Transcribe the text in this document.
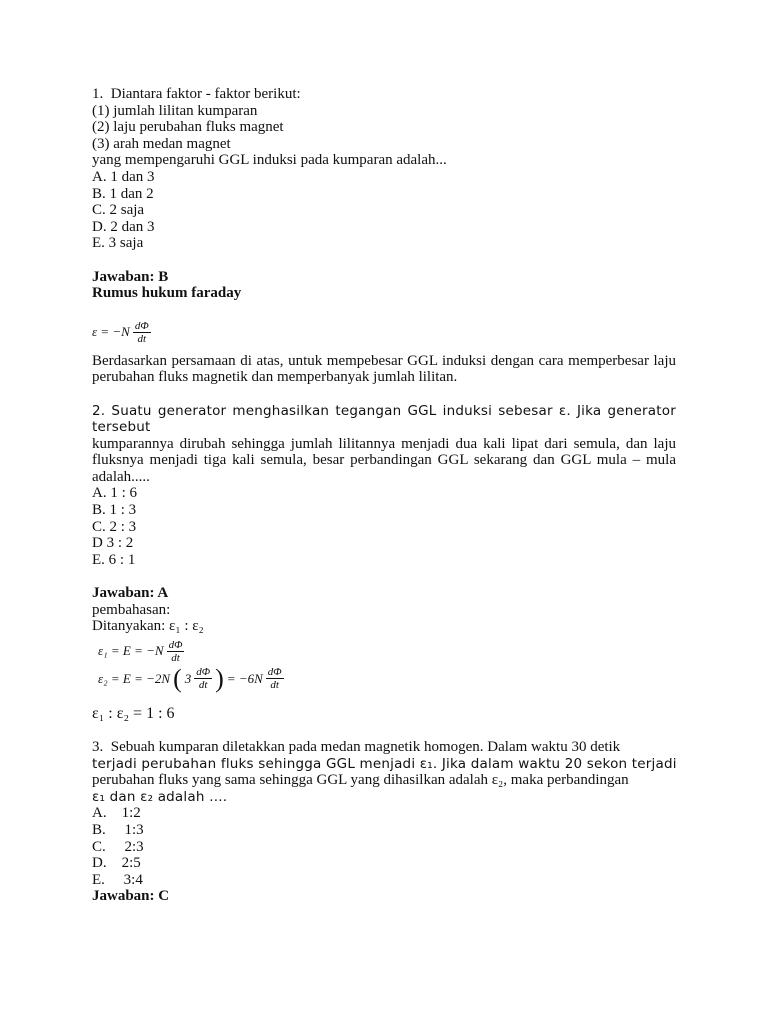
1.  Diantara faktor - faktor berikut:
(1) jumlah lilitan kumparan
(2) laju perubahan fluks magnet
(3) arah medan magnet
yang mempengaruhi GGL induksi pada kumparan adalah...
A. 1 dan 3
B. 1 dan 2
C. 2 saja
D. 2 dan 3
E. 3 saja
Jawaban: B
Rumus hukum faraday
$\varepsilon = -N \frac{d\Phi}{dt}$
Berdasarkan persamaan di atas, untuk mempebesar GGL induksi dengan cara memperbesar laju perubahan fluks magnetik dan memperbanyak jumlah lilitan.
2. Suatu generator menghasilkan tegangan GGL induksi sebesar ε. Jika generator tersebut
kumparannya dirubah sehingga jumlah lilitannya menjadi dua kali lipat dari semula, dan laju fluksnya menjadi tiga kali semula, besar perbandingan GGL sekarang dan GGL mula – mula adalah.....
A. 1 : 6
B. 1 : 3
C. 2 : 3
D 3 : 2
E. 6 : 1
Jawaban: A
pembahasan:
Ditanyakan: ε₁ : ε₂
$\varepsilon_1 = E = -N \frac{d\Phi}{dt}$
ε₂ = E = −2N ( $3 \frac{d\Phi}{dt}$ ) = $-6N \frac{d\Phi}{dt}$
ε₁ : ε₂ = 1 : 6
3.  Sebuah kumparan diletakkan pada medan magnetik homogen. Dalam waktu 30 detik
terjadi perubahan fluks sehingga GGL menjadi ε₁. Jika dalam waktu 20 sekon terjadi
perubahan fluks yang sama sehingga GGL yang dihasilkan adalah ε₂, maka perbandingan
ε₁ dan ε₂ adalah ….
A.    1:2
B.     1:3
C.     2:3
D.    2:5
E.     3:4
Jawaban: C
